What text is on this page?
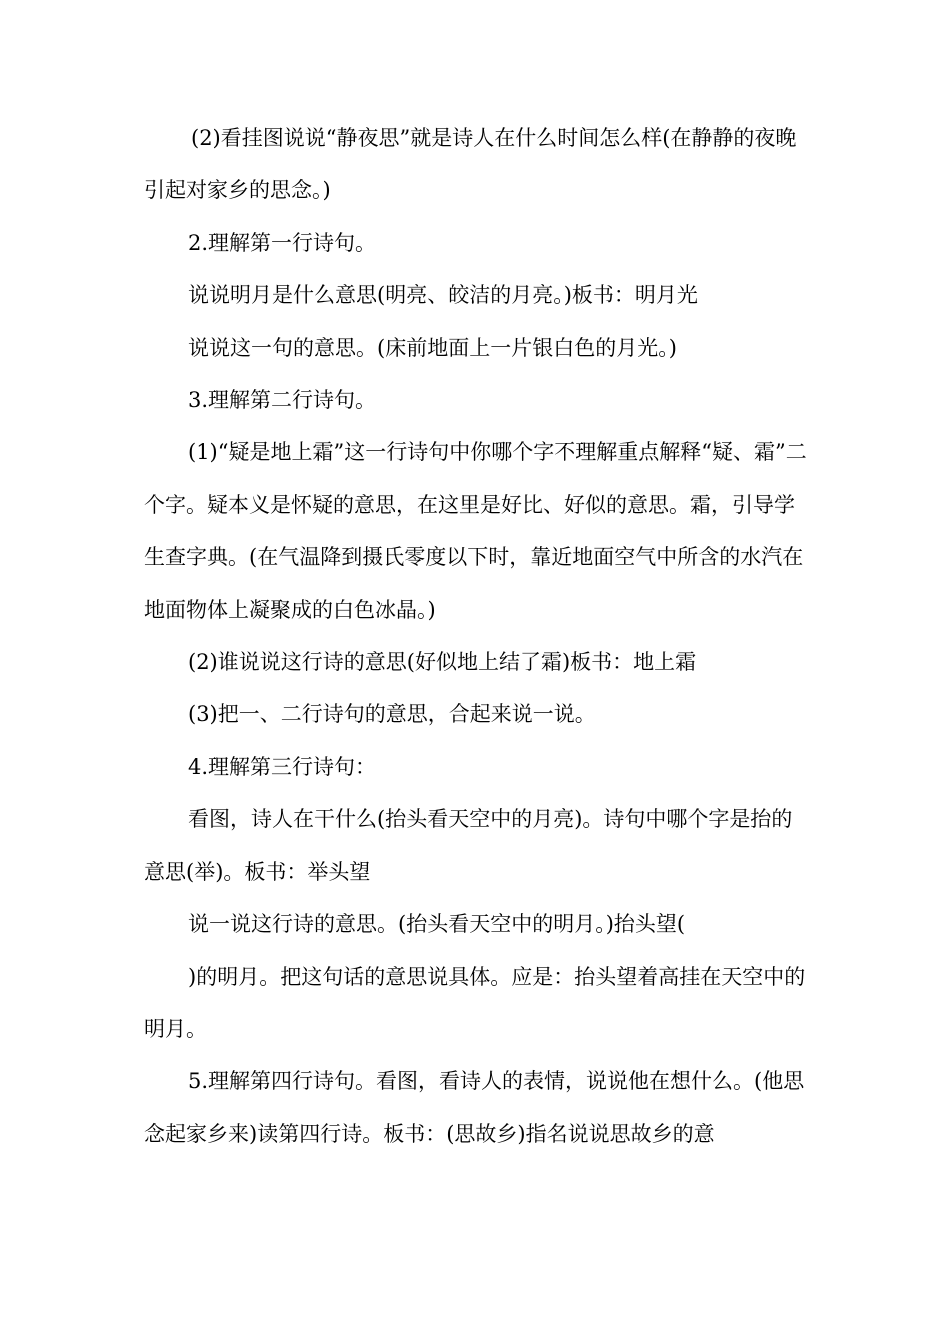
(2)看挂图说说“静夜思”就是诗人在什么时间怎么样(在静静的夜晚引起对家乡的思念。)

2.理解第一行诗句。

说说明月是什么意思(明亮、皎洁的月亮。)板书：明月光

说说这一句的意思。(床前地面上一片银白色的月光。)

3.理解第二行诗句。

(1)“疑是地上霜”这一行诗句中你哪个字不理解重点解释“疑、霜”二个字。疑本义是怀疑的意思，在这里是好比、好似的意思。霜，引导学生查字典。(在气温降到摄氏零度以下时，靠近地面空气中所含的水汽在地面物体上凝聚成的白色冰晶。)

(2)谁说说这行诗的意思(好似地上结了霜)板书：地上霜

(3)把一、二行诗句的意思，合起来说一说。

4.理解第三行诗句：

看图，诗人在干什么(抬头看天空中的月亮)。诗句中哪个字是抬的意思(举)。板书：举头望

说一说这行诗的意思。(抬头看天空中的明月。)抬头望(

)的明月。把这句话的意思说具体。应是：抬头望着高挂在天空中的明月。

5.理解第四行诗句。看图，看诗人的表情，说说他在想什么。(他思念起家乡来)读第四行诗。板书：(思故乡)指名说说思故乡的意
